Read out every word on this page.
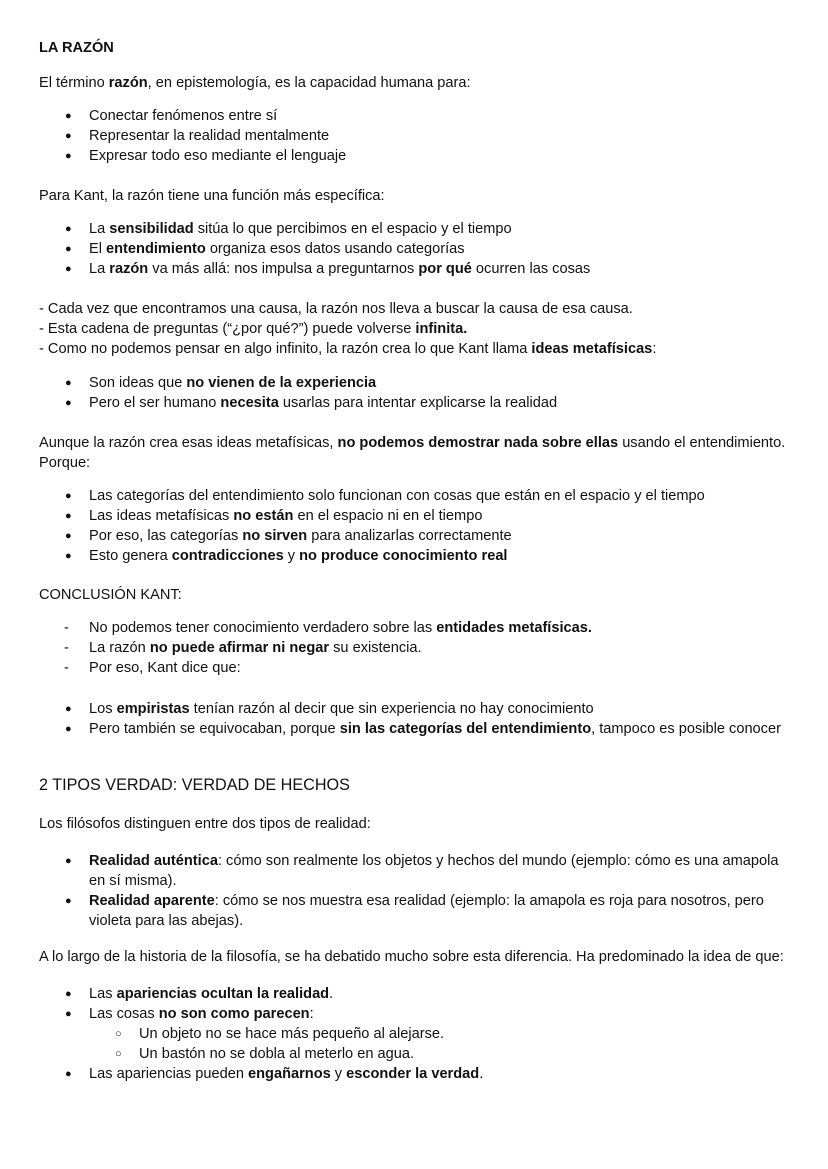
LA RAZÓN

El término razón, en epistemología, es la capacidad humana para:

● Conectar fenómenos entre sí
● Representar la realidad mentalmente
● Expresar todo eso mediante el lenguaje

Para Kant, la razón tiene una función más específica:

● La sensibilidad sitúa lo que percibimos en el espacio y el tiempo
● El entendimiento organiza esos datos usando categorías
● La razón va más allá: nos impulsa a preguntarnos por qué ocurren las cosas

- Cada vez que encontramos una causa, la razón nos lleva a buscar la causa de esa causa.

- Esta cadena de preguntas (“¿por qué?”) puede volverse infinita.

- Como no podemos pensar en algo infinito, la razón crea lo que Kant llama ideas metafísicas:

● Son ideas que no vienen de la experiencia
● Pero el ser humano necesita usarlas para intentar explicarse la realidad

Aunque la razón crea esas ideas metafísicas, no podemos demostrar nada sobre ellas usando el entendimiento. Porque:

● Las categorías del entendimiento solo funcionan con cosas que están en el espacio y el tiempo
● Las ideas metafísicas no están en el espacio ni en el tiempo
● Por eso, las categorías no sirven para analizarlas correctamente
● Esto genera contradicciones y no produce conocimiento real

CONCLUSIÓN KANT:

- No podemos tener conocimiento verdadero sobre las entidades metafísicas.
- La razón no puede afirmar ni negar su existencia.
- Por eso, Kant dice que:
● Los empiristas tenían razón al decir que sin experiencia no hay conocimiento
● Pero también se equivocaban, porque sin las categorías del entendimiento, tampoco es posible conocer

2 TIPOS VERDAD: VERDAD DE HECHOS

Los filósofos distinguen entre dos tipos de realidad:

● Realidad auténtica: cómo son realmente los objetos y hechos del mundo (ejemplo: cómo es una amapola en sí misma).
● Realidad aparente: cómo se nos muestra esa realidad (ejemplo: la amapola es roja para nosotros, pero violeta para las abejas).

A lo largo de la historia de la filosofía, se ha debatido mucho sobre esta diferencia. Ha predominado la idea de que:

● Las apariencias ocultan la realidad.
● Las cosas no son como parecen:
○ Un objeto no se hace más pequeño al alejarse.
○ Un bastón no se dobla al meterlo en agua.
● Las apariencias pueden engañarnos y esconder la verdad.
